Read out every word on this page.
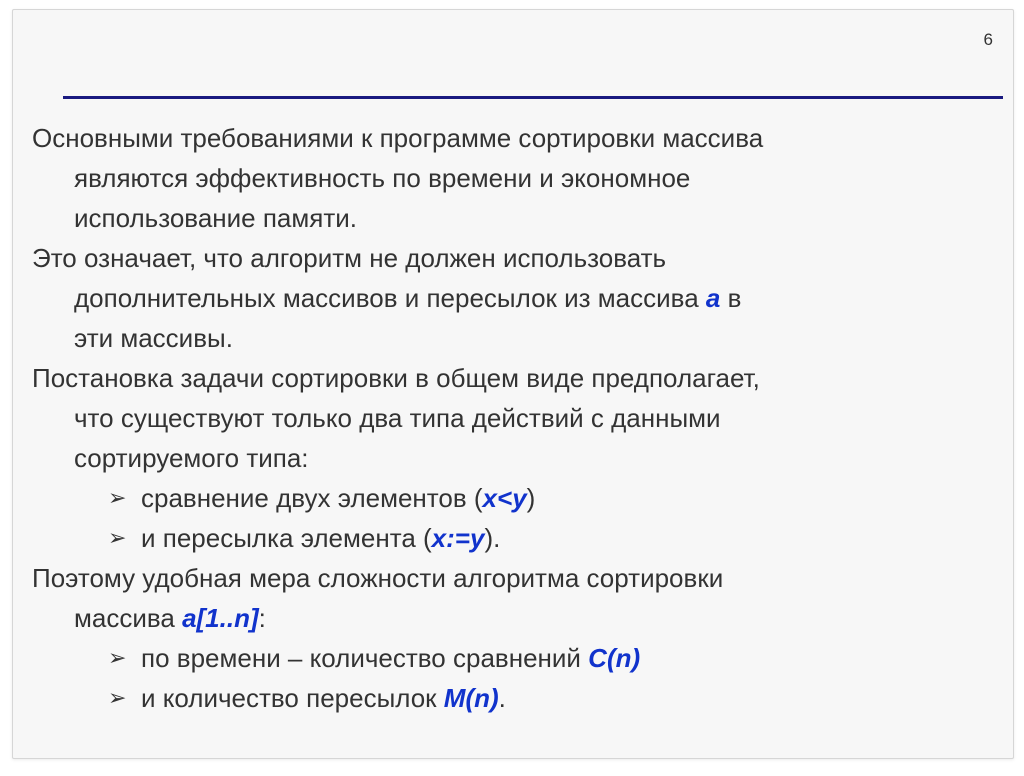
6

Основными требованиями к программе сортировки массива
являются эффективность по времени и экономное
использование памяти.

Это означает, что алгоритм не должен использовать
дополнительных массивов и пересылок из массива a в
эти массивы.

Постановка задачи сортировки в общем виде предполагает,
что существуют только два типа действий с данными
сортируемого типа:

➢ сравнение двух элементов (x<y)

➢ и пересылка элемента (x:=y).

Поэтому удобная мера сложности алгоритма сортировки
массива a[1..n]:

➢ по времени – количество сравнений C(n)

➢ и количество пересылок M(n).
